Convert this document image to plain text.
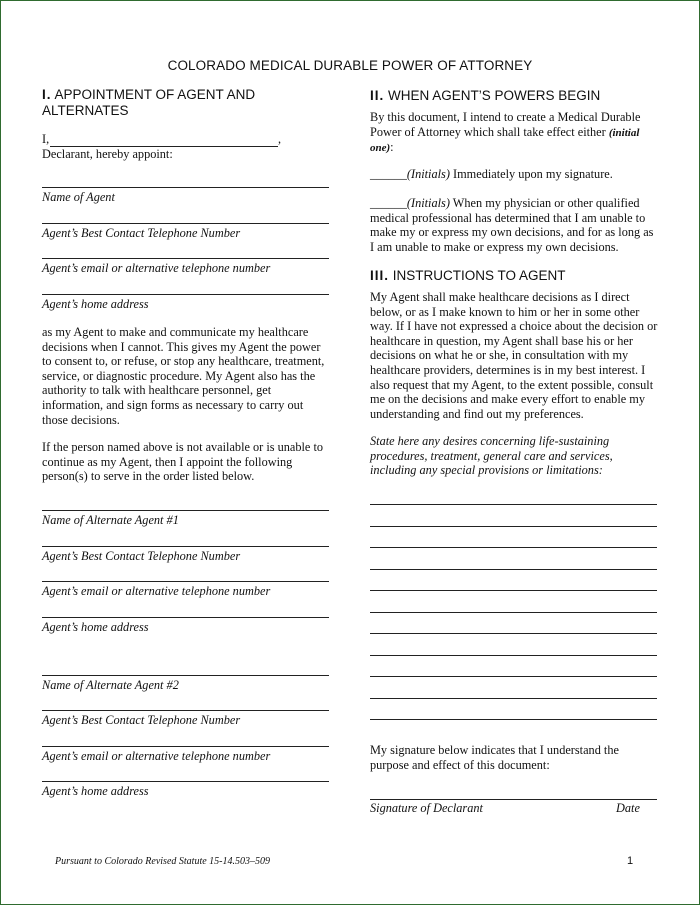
COLORADO MEDICAL DURABLE POWER OF ATTORNEY
I. APPOINTMENT OF AGENT AND ALTERNATES
I,	,
Declarant, hereby appoint:
Name of Agent
Agent’s Best Contact Telephone Number
Agent’s email or alternative telephone number
Agent’s home address
as my Agent to make and communicate my healthcare decisions when I cannot. This gives my Agent the power to consent to, or refuse, or stop any healthcare, treatment, service, or diagnostic procedure. My Agent also has the authority to talk with healthcare personnel, get information, and sign forms as necessary to carry out those decisions.
If the person named above is not available or is unable to continue as my Agent, then I appoint the following person(s) to serve in the order listed below.
Name of Alternate Agent #1
Agent’s Best Contact Telephone Number
Agent’s email or alternative telephone number
Agent’s home address
Name of Alternate Agent #2
Agent’s Best Contact Telephone Number
Agent’s email or alternative telephone number
Agent’s home address
II. WHEN AGENT’S POWERS BEGIN
By this document, I intend to create a Medical Durable Power of Attorney which shall take effect either (initial one):
______(Initials) Immediately upon my signature.
______(Initials) When my physician or other qualified medical professional has determined that I am unable to make my or express my own decisions, and for as long as I am unable to make or express my own decisions.
III. INSTRUCTIONS TO AGENT
My Agent shall make healthcare decisions as I direct below, or as I make known to him or her in some other way. If I have not expressed a choice about the decision or healthcare in question, my Agent shall base his or her decisions on what he or she, in consultation with my healthcare providers, determines is in my best interest. I also request that my Agent, to the extent possible, consult me on the decisions and make every effort to enable my understanding and find out my preferences.
State here any desires concerning life-sustaining procedures, treatment, general care and services, including any special provisions or limitations:
My signature below indicates that I understand the purpose and effect of this document:
Signature of Declarant	Date
Pursuant to Colorado Revised Statute 15-14.503–509	1
